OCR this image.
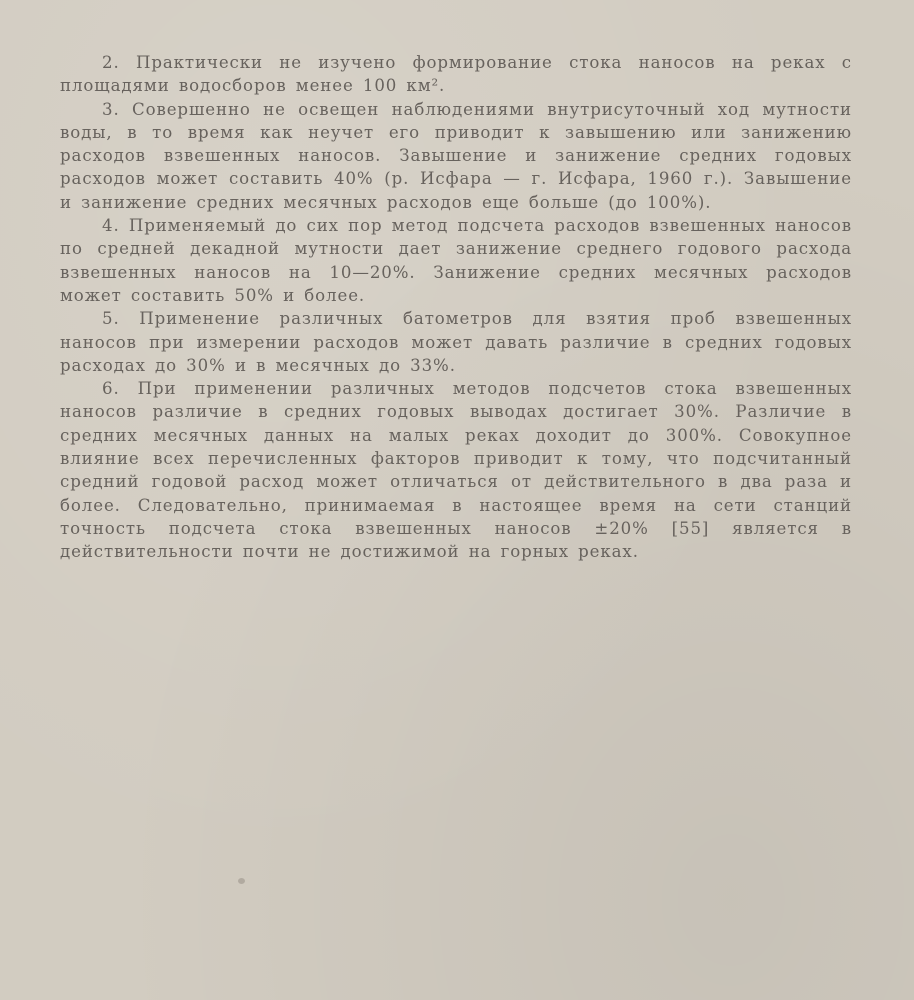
2. Практически не изучено формирование стока наносов на реках с площадями водосборов менее 100 км².

3. Совершенно не освещен наблюдениями внутрисуточный ход мутности воды, в то время как неучет его приводит к завышению или занижению расходов взвешенных наносов. Завышение и занижение средних годовых расходов может составить 40% (р. Исфара — г. Исфара, 1960 г.). Завышение и занижение средних месячных расходов еще больше (до 100%).

4. Применяемый до сих пор метод подсчета расходов взвешенных наносов по средней декадной мутности дает занижение среднего годового расхода взвешенных наносов на 10—20%. Занижение средних месячных расходов может составить 50% и более.

5. Применение различных батометров для взятия проб взвешенных наносов при измерении расходов может давать различие в средних годовых расходах до 30% и в месячных до 33%.

6. При применении различных методов подсчетов стока взвешенных наносов различие в средних годовых выводах достигает 30%. Различие в средних месячных данных на малых реках доходит до 300%. Совокупное влияние всех перечисленных факторов приводит к тому, что подсчитанный средний годовой расход может отличаться от действительного в два раза и более. Следовательно, принимаемая в настоящее время на сети станций точность подсчета стока взвешенных наносов ±20% [55] является в действительности почти не достижимой на горных реках.
